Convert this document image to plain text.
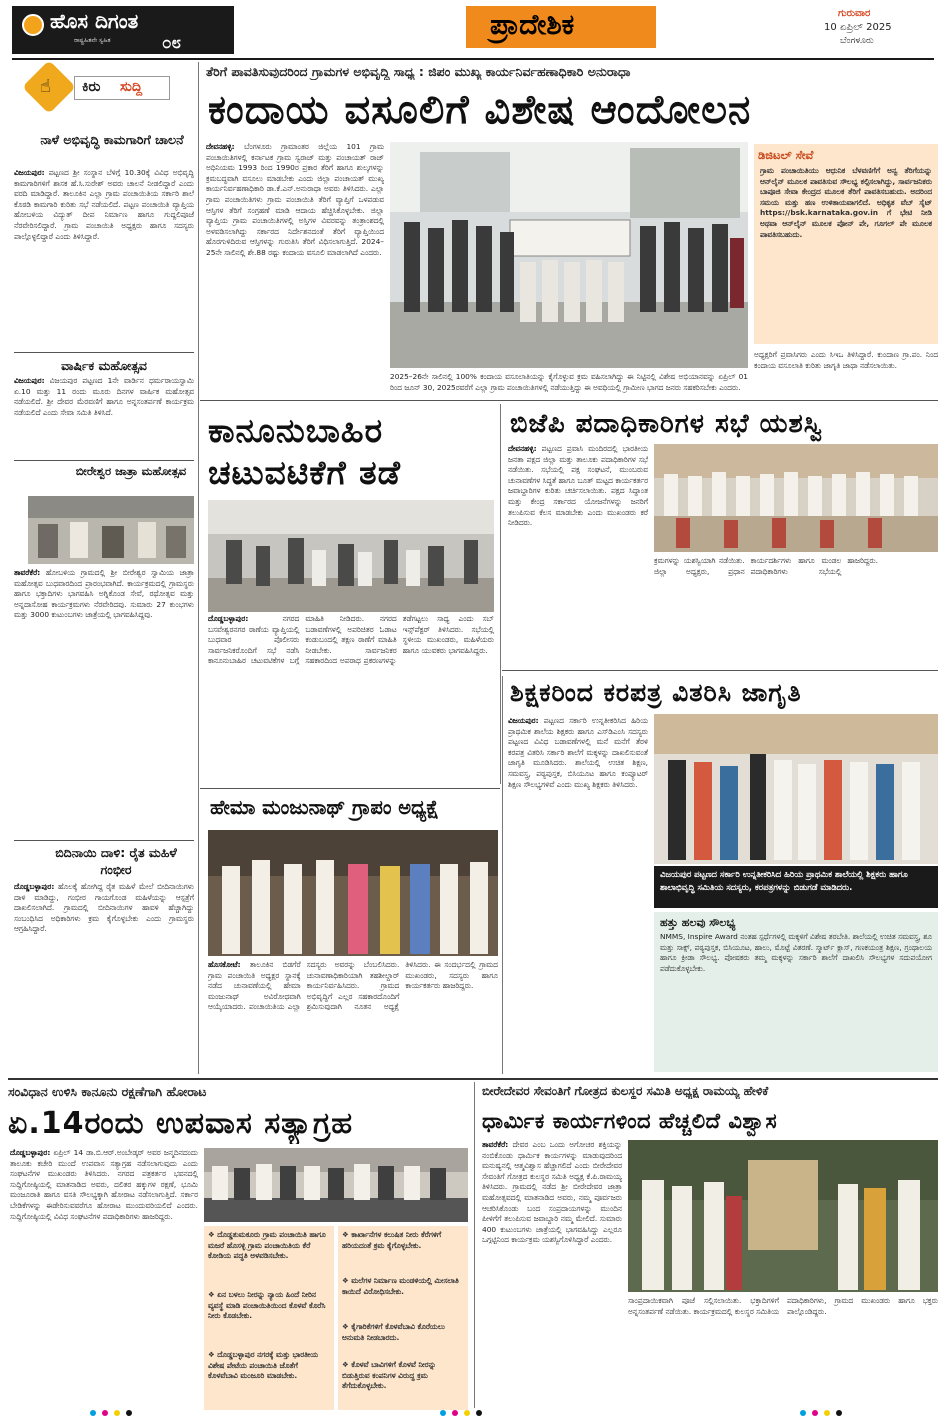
ಹೊಸ ದಿಗಂತ
ರಾಷ್ಟ್ರಹಿತವೇ ಸ್ವಹಿತ	೦೮
ಪ್ರಾದೇಶಿಕ	ಗುರುವಾರ
10 ಏಪ್ರಿಲ್ 2025
ಬೆಂಗಳೂರು
☝ ಕಿರು ಸುದ್ದಿ
ನಾಳೆ ಅಭಿವೃದ್ಧಿ ಕಾಮಗಾರಿಗೆ ಚಾಲನೆ
ವಿಜಯಪುರ: ಪಟ್ಟಣದ ಶ್ರೀ ಸಂಸ್ಥಾನ ಬೆಳಿಗ್ಗೆ 10.30ಕ್ಕೆ ವಿವಿಧ ಅಭಿವೃದ್ಧಿ ಕಾಮಗಾರಿಗಳಿಗೆ ಶಾಸಕ ಹೆ.ಸಿ.ಸುರೇಶ್ ಅವರು ಚಾಲನೆ ನೀಡಲಿದ್ದಾರೆ ಎಂದು ವರದಿ ಮಾಡಿದ್ದಾರೆ. ತಾಲೂಕಿನ ಎಲ್ಲಾ ಗ್ರಾಮ ಪಂಚಾಯಿತಿಯ ಸರ್ಕಾರಿ ಶಾಲೆ ಕೊಠಡಿ ಕಾಮಗಾರಿ ಕುರಿತು ಸಭೆ ನಡೆಯಲಿದೆ. ಪಟ್ಟಣ ಪಂಚಾಯಿತಿ ವ್ಯಾಪ್ತಿಯ ಹೋಬಳಿಯ ವಿದ್ಯುತ್ ದೀಪ ನಿರ್ಮಾಣ ಹಾಗೂ ಗುದ್ದಲಿಪೂಜೆ ನೆರವೇರಿಸಲಿದ್ದಾರೆ. ಗ್ರಾಮ ಪಂಚಾಯಿತಿ ಅಧ್ಯಕ್ಷರು ಹಾಗೂ ಸದಸ್ಯರು ಪಾಲ್ಗೊಳ್ಳಲಿದ್ದಾರೆ ಎಂದು ತಿಳಿಸಿದ್ದಾರೆ.
ವಾರ್ಷಿಕ ಮಹೋತ್ಸವ
ವಿಜಯಪುರ: ವಿಜಯಪುರ ಪಟ್ಟಣದ 1ನೇ ವಾರ್ಡಿನ ಧರ್ಮರಾಯಸ್ವಾಮಿ ಏ.10 ಮತ್ತು 11 ರಂದು ಮೂರು ದಿನಗಳ ವಾರ್ಷಿಕ ಮಹೋತ್ಸವ ನಡೆಯಲಿದೆ. ಶ್ರೀ ದೇವರ ಮೆರವಣಿಗೆ ಹಾಗೂ ಅನ್ನಸಂತರ್ಪಣೆ ಕಾರ್ಯಕ್ರಮ ನಡೆಯಲಿದೆ ಎಂದು ಸೇವಾ ಸಮಿತಿ ತಿಳಿಸಿದೆ.
ಬೀರೇಶ್ವರ ಜಾತ್ರಾ ಮಹೋತ್ಸವ
ತಾವರೆಕೆರೆ: ಹೋಬಳಿಯ ಗ್ರಾಮದಲ್ಲಿ ಶ್ರೀ ಬೀರೇಶ್ವರ ಸ್ವಾಮಿಯ ಜಾತ್ರಾ ಮಹೋತ್ಸವ ಬುಧವಾರದಿಂದ ಪ್ರಾರಂಭವಾಗಿದೆ. ಕಾರ್ಯಕ್ರಮದಲ್ಲಿ ಗ್ರಾಮಸ್ಥರು ಹಾಗೂ ಭಕ್ತಾದಿಗಳು ಭಾಗವಹಿಸಿ ಅಗ್ನಿಕೊಂಡ ಸೇವೆ, ರಥೋತ್ಸವ ಮತ್ತು ಅನ್ನದಾಸೋಹ ಕಾರ್ಯಕ್ರಮಗಳು ನೆರವೇರಿದವು. ಸುಮಾರು 27 ಕುಂಭಗಳು ಮತ್ತು 3000 ಕುಟುಂಬಗಳು ಜಾತ್ರೆಯಲ್ಲಿ ಭಾಗವಹಿಸಿದ್ದವು.
ಬಿದಿನಾಯಿ ದಾಳಿ: ರೈತ ಮಹಿಳೆ ಗಂಭೀರ
ದೊಡ್ಡಬಳ್ಳಾಪುರ: ಹೊಲಕ್ಕೆ ಹೋಗಿದ್ದ ರೈತ ಮಹಿಳೆ ಮೇಲೆ ಬೀದಿನಾಯಿಗಳು ದಾಳಿ ಮಾಡಿದ್ದು, ಗಂಭೀರ ಗಾಯಗೊಂಡ ಮಹಿಳೆಯನ್ನು ಆಸ್ಪತ್ರೆಗೆ ದಾಖಲಿಸಲಾಗಿದೆ. ಗ್ರಾಮದಲ್ಲಿ ಬೀದಿನಾಯಿಗಳ ಹಾವಳಿ ಹೆಚ್ಚಾಗಿದ್ದು ಸಂಬಂಧಿಸಿದ ಅಧಿಕಾರಿಗಳು ಕ್ರಮ ಕೈಗೊಳ್ಳಬೇಕು ಎಂದು ಗ್ರಾಮಸ್ಥರು ಆಗ್ರಹಿಸಿದ್ದಾರೆ.
ತೆರಿಗೆ ಪಾವತಿಸುವುದರಿಂದ ಗ್ರಾಮಗಳ ಅಭಿವೃದ್ಧಿ ಸಾಧ್ಯ : ಜಿಪಂ ಮುಖ್ಯ ಕಾರ್ಯನಿರ್ವಹಣಾಧಿಕಾರಿ ಅನುರಾಧಾ
ಕಂದಾಯ ವಸೂಲಿಗೆ ವಿಶೇಷ ಆಂದೋಲನ
ದೇವನಹಳ್ಳಿ: ಬೆಂಗಳೂರು ಗ್ರಾಮಾಂತರ ಜಿಲ್ಲೆಯ 101 ಗ್ರಾಮ ಪಂಚಾಯಿತಿಗಳಲ್ಲಿ ಕರ್ನಾಟಕ ಗ್ರಾಮ ಸ್ವರಾಜ್ ಮತ್ತು ಪಂಚಾಯತ್ ರಾಜ್ ಅಧಿನಿಯಮ 1993 ರಿಂದ 1990ರ ಪ್ರಕಾರ ತೆರಿಗೆ ಹಾಗೂ ಶುಲ್ಕಗಳನ್ನು ಕ್ರಮಬದ್ಧವಾಗಿ ವಸೂಲು ಮಾಡಬೇಕು ಎಂದು ಜಿಲ್ಲಾ ಪಂಚಾಯತ್ ಮುಖ್ಯ ಕಾರ್ಯನಿರ್ವಹಣಾಧಿಕಾರಿ ಡಾ.ಕೆ.ಎನ್.ಅನುರಾಧಾ ಅವರು ತಿಳಿಸಿದರು. ಎಲ್ಲಾ ಗ್ರಾಮ ಪಂಚಾಯಿತಿಗಳು ಗ್ರಾಮ ಪಂಚಾಯಿತಿ ತೆರಿಗೆ ವ್ಯಾಪ್ತಿಗೆ ಒಳಪಡುವ ಆಸ್ತಿಗಳ ತೆರಿಗೆ ಸಂಗ್ರಹಣೆ ಮಾಡಿ ಆದಾಯ ಹೆಚ್ಚಿಸಿಕೊಳ್ಳಬೇಕು. ಜಿಲ್ಲಾ ವ್ಯಾಪ್ತಿಯ ಗ್ರಾಮ ಪಂಚಾಯಿತಿಗಳಲ್ಲಿ ಅಸ್ತಿಗಳ ವಿವರವನ್ನು ತಂತ್ರಾಂಶದಲ್ಲಿ ಅಳವಡಿಸಲಾಗಿದ್ದು ಸರ್ಕಾರದ ನಿರ್ದೇಶನದಂತೆ ತೆರಿಗೆ ವ್ಯಾಪ್ತಿಯಿಂದ ಹೊರಗುಳಿದಿರುವ ಆಸ್ತಿಗಳನ್ನು ಗುರುತಿಸಿ ತೆರಿಗೆ ವಿಧಿಸಲಾಗುತ್ತಿದೆ. 2024–25ನೇ ಸಾಲಿನಲ್ಲಿ ಶೇ.88 ರಷ್ಟು ಕಂದಾಯ ವಸೂಲಿ ಮಾಡಲಾಗಿದೆ ಎಂದರು.
2025–26ನೇ ಸಾಲಿನಲ್ಲಿ 100% ಕಂದಾಯ ವಸೂಲಾತಿಯನ್ನು ಕೈಗೊಳ್ಳುವ ಕ್ರಮ ವಹಿಸಲಾಗಿದ್ದು ಈ ನಿಟ್ಟಿನಲ್ಲಿ ವಿಶೇಷ ಅಭಿಯಾನವನ್ನು ಏಪ್ರಿಲ್ 01 ರಿಂದ ಜೂನ್ 30, 2025ರವರೆಗೆ ಎಲ್ಲಾ ಗ್ರಾಮ ಪಂಚಾಯಿತಿಗಳಲ್ಲಿ ನಡೆಯುತ್ತಿದ್ದು ಈ ಅವಧಿಯಲ್ಲಿ ಗ್ರಾಮೀಣ ಭಾಗದ ಜನರು ಸಹಕರಿಸಬೇಕು ಎಂದರು.
ಡಿಜಿಟಲ್ ಸೇವೆ
ಗ್ರಾಮ ಪಂಚಾಯಿತಿಯು ಆಧುನಿಕ ಬೆಳವಣಿಗೆಗೆ ಅನ್ವ ತೆರಿಗೆಯನ್ನು ಆನ್‌ಲೈನ್ ಮೂಲಕ ಪಾವತಿಸುವ ಸೌಲಭ್ಯ ಕಲ್ಪಿಸಲಾಗಿದ್ದು, ಸಾರ್ವಜನಿಕರು ಬಾಪೂಜಿ ಸೇವಾ ಕೇಂದ್ರದ ಮೂಲಕ ತೆರಿಗೆ ಪಾವತಿಸಬಹುದು. ಅದರಿಂದ ಸಮಯ ಮತ್ತು ಹಣ ಉಳಿತಾಯವಾಗಲಿದೆ. ಅಧಿಕೃತ ವೆಬ್ ಸೈಟ್ https://bsk.karnataka.gov.in ಗೆ ಭೇಟಿ ನೀಡಿ ಅಥವಾ ಆನ್‌ಲೈನ್ ಮೂಲಕ ಪೋನ್ ಪೇ, ಗೂಗಲ್ ಪೇ ಮೂಲಕ ಪಾವತಿಸಬಹುದು.
ಅಧ್ಯಕ್ಷರಿಗೆ ಪ್ರವಾಸಿಗರು ಎಂದು ಸಿಇಒ ತಿಳಿಸಿದ್ದಾರೆ. ಕುಂದಾಣ ಗ್ರಾ.ಪಂ. ನಿಂದ ಕಂದಾಯ ವಸೂಲಾತಿ ಕುರಿತು ಜಾಗೃತಿ ಜಾಥಾ ನಡೆಸಲಾಯಿತು.
ಕಾನೂನುಬಾಹಿರ
ಚಟುವಟಿಕೆಗೆ ತಡೆ
ದೊಡ್ಡಬಳ್ಳಾಪುರ:	ನಗರದ ಬಸವೇಶ್ವರನಗರ ಠಾಣೆಯ ವ್ಯಾಪ್ತಿಯಲ್ಲಿ ಬುಧವಾರ ಪೊಲೀಸರು ಸಾರ್ವಜನಿಕರೊಂದಿಗೆ ಸಭೆ ನಡೆಸಿ ಕಾನೂನುಬಾಹಿರ ಚಟುವಟಿಕೆಗಳ ಬಗ್ಗೆ ಮಾಹಿತಿ ನೀಡಿದರು. ನಗರದ ಬಡಾವಣೆಗಳಲ್ಲಿ ಅಪರಿಚಿತರ ಓಡಾಟ ಕಂಡುಬಂದಲ್ಲಿ ತಕ್ಷಣ ಠಾಣೆಗೆ ಮಾಹಿತಿ ನೀಡಬೇಕು. ಸಾರ್ವಜನಿಕರ ಸಹಕಾರದಿಂದ ಅಪರಾಧ ಪ್ರಕರಣಗಳನ್ನು ತಡೆಗಟ್ಟಲು ಸಾಧ್ಯ ಎಂದು ಸಬ್ ಇನ್ಸ್‌ಪೆಕ್ಟರ್ ತಿಳಿಸಿದರು. ಸಭೆಯಲ್ಲಿ ಸ್ಥಳೀಯ ಮುಖಂಡರು, ಮಹಿಳೆಯರು ಹಾಗೂ ಯುವಕರು ಭಾಗವಹಿಸಿದ್ದರು.
ಬಿಜೆಪಿ ಪದಾಧಿಕಾರಿಗಳ ಸಭೆ ಯಶಸ್ವಿ
ದೇವನಹಳ್ಳಿ: ಪಟ್ಟಣದ ಪ್ರವಾಸಿ ಮಂದಿರದಲ್ಲಿ ಭಾರತೀಯ ಜನತಾ ಪಕ್ಷದ ಜಿಲ್ಲಾ ಮತ್ತು ತಾಲೂಕು ಪದಾಧಿಕಾರಿಗಳ ಸಭೆ ನಡೆಯಿತು. ಸಭೆಯಲ್ಲಿ ಪಕ್ಷ ಸಂಘಟನೆ, ಮುಂಬರುವ ಚುನಾವಣೆಗಳ ಸಿದ್ಧತೆ ಹಾಗೂ ಬೂತ್ ಮಟ್ಟದ ಕಾರ್ಯಕರ್ತರ ಜವಾಬ್ದಾರಿಗಳ ಕುರಿತು ಚರ್ಚಿಸಲಾಯಿತು. ಪಕ್ಷದ ಸಿದ್ಧಾಂತ ಮತ್ತು ಕೇಂದ್ರ ಸರ್ಕಾರದ ಯೋಜನೆಗಳನ್ನು ಜನರಿಗೆ ತಲುಪಿಸುವ ಕೆಲಸ ಮಾಡಬೇಕು ಎಂದು ಮುಖಂಡರು ಕರೆ ನೀಡಿದರು.
ಕ್ರಮಗಳನ್ನು ಯಶಸ್ವಿಯಾಗಿ ನಡೆಯಿತು. ಜಿಲ್ಲಾ ಅಧ್ಯಕ್ಷರು, ಪ್ರಧಾನ ಕಾರ್ಯದರ್ಶಿಗಳು ಹಾಗೂ ಮಂಡಲ ಪದಾಧಿಕಾರಿಗಳು ಸಭೆಯಲ್ಲಿ ಹಾಜರಿದ್ದರು.
ಶಿಕ್ಷಕರಿಂದ ಕರಪತ್ರ ವಿತರಿಸಿ ಜಾಗೃತಿ
ವಿಜಯಪುರ: ಪಟ್ಟಣದ ಸರ್ಕಾರಿ ಉನ್ನತೀಕರಿಸಿದ ಹಿರಿಯ ಪ್ರಾಥಮಿಕ ಶಾಲೆಯ ಶಿಕ್ಷಕರು ಹಾಗೂ ಎಸ್‌ಡಿಎಂಸಿ ಸದಸ್ಯರು ಪಟ್ಟಣದ ವಿವಿಧ ಬಡಾವಣೆಗಳಲ್ಲಿ ಮನೆ ಮನೆಗೆ ತೆರಳಿ ಕರಪತ್ರ ವಿತರಿಸಿ ಸರ್ಕಾರಿ ಶಾಲೆಗೆ ಮಕ್ಕಳನ್ನು ದಾಖಲಿಸುವಂತೆ ಜಾಗೃತಿ ಮೂಡಿಸಿದರು. ಶಾಲೆಯಲ್ಲಿ ಉಚಿತ ಶಿಕ್ಷಣ, ಸಮವಸ್ತ್ರ, ಪಠ್ಯಪುಸ್ತಕ, ಬಿಸಿಯೂಟ ಹಾಗೂ ಕಂಪ್ಯೂಟರ್ ಶಿಕ್ಷಣ ಸೌಲಭ್ಯಗಳಿವೆ ಎಂದು ಮುಖ್ಯ ಶಿಕ್ಷಕರು ತಿಳಿಸಿದರು.
ವಿಜಯಪುರ ಪಟ್ಟಣದ ಸರ್ಕಾರಿ ಉನ್ನತೀಕರಿಸಿದ ಹಿರಿಯ ಪ್ರಾಥಮಿಕ ಶಾಲೆಯಲ್ಲಿ ಶಿಕ್ಷಕರು ಹಾಗೂ ಶಾಲಾಭಿವೃದ್ಧಿ ಸಮಿತಿಯ ಸದಸ್ಯರು, ಕರಪತ್ರಗಳನ್ನು ಬಿಡುಗಡೆ ಮಾಡಿದರು.
ಹತ್ತು ಹಲವು ಸೌಲಭ್ಯ
NMMS, Inspire Award ನಂತಹ ಸ್ಪರ್ಧೆಗಳಲ್ಲಿ ಮಕ್ಕಳಿಗೆ ವಿಶೇಷ ತರಬೇತಿ. ಶಾಲೆಯಲ್ಲಿ ಉಚಿತ ಸಮವಸ್ತ್ರ, ಶೂ ಮತ್ತು ಸಾಕ್ಸ್, ಪಠ್ಯಪುಸ್ತಕ, ಬಿಸಿಯೂಟ, ಹಾಲು, ಮೊಟ್ಟೆ ವಿತರಣೆ. ಸ್ಮಾರ್ಟ್ ಕ್ಲಾಸ್, ಗಣಕಯಂತ್ರ ಶಿಕ್ಷಣ, ಗ್ರಂಥಾಲಯ ಹಾಗೂ ಕ್ರೀಡಾ ಸೌಲಭ್ಯ. ಪೋಷಕರು ತಮ್ಮ ಮಕ್ಕಳನ್ನು ಸರ್ಕಾರಿ ಶಾಲೆಗೆ ದಾಖಲಿಸಿ ಸೌಲಭ್ಯಗಳ ಸದುಪಯೋಗ ಪಡೆದುಕೊಳ್ಳಬೇಕು.
ಹೇಮಾ ಮಂಜುನಾಥ್ ಗ್ರಾಪಂ ಅಧ್ಯಕ್ಷೆ
ಹೊಸಕೋಟೆ: ತಾಲೂಕಿನ ಬಿಡಗೆರೆ ಗ್ರಾಮ ಪಂಚಾಯಿತಿ ಅಧ್ಯಕ್ಷರ ಸ್ಥಾನಕ್ಕೆ ನಡೆದ ಚುನಾವಣೆಯಲ್ಲಿ ಹೇಮಾ ಮಂಜುನಾಥ್ ಅವಿರೋಧವಾಗಿ ಆಯ್ಕೆಯಾದರು. ಪಂಚಾಯಿತಿಯ ಎಲ್ಲಾ ಸದಸ್ಯರು ಅವರನ್ನು ಬೆಂಬಲಿಸಿದರು. ಚುನಾವಣಾಧಿಕಾರಿಯಾಗಿ ತಹಶೀಲ್ದಾರ್ ಕಾರ್ಯನಿರ್ವಹಿಸಿದರು. ಗ್ರಾಮದ ಅಭಿವೃದ್ಧಿಗೆ ಎಲ್ಲರ ಸಹಕಾರದೊಂದಿಗೆ ಶ್ರಮಿಸುವುದಾಗಿ ನೂತನ ಅಧ್ಯಕ್ಷೆ ತಿಳಿಸಿದರು. ಈ ಸಂದರ್ಭದಲ್ಲಿ ಗ್ರಾಮದ ಮುಖಂಡರು, ಸದಸ್ಯರು ಹಾಗೂ ಕಾರ್ಯಕರ್ತರು ಹಾಜರಿದ್ದರು.
ಸಂವಿಧಾನ ಉಳಿಸಿ ಕಾನೂನು ರಕ್ಷಣೆಗಾಗಿ ಹೋರಾಟ
ಏ.14ರಂದು ಉಪವಾಸ ಸತ್ಯಾಗ್ರಹ
ದೊಡ್ಡಬಳ್ಳಾಪುರ: ಏಪ್ರಿಲ್ 14 ಡಾ.ಬಿ.ಆರ್.ಅಂಬೇಡ್ಕರ್ ಅವರ ಜನ್ಮದಿನದಂದು ತಾಲೂಕು ಕಚೇರಿ ಮುಂದೆ ಉಪವಾಸ ಸತ್ಯಾಗ್ರಹ ನಡೆಸಲಾಗುವುದು ಎಂದು ಸಂಘಟನೆಗಳ ಮುಖಂಡರು ತಿಳಿಸಿದರು. ನಗರದ ಪತ್ರಕರ್ತರ ಭವನದಲ್ಲಿ ಸುದ್ದಿಗೋಷ್ಠಿಯಲ್ಲಿ ಮಾತನಾಡಿದ ಅವರು, ದಲಿತರ ಹಕ್ಕುಗಳ ರಕ್ಷಣೆ, ಭೂಮಿ ಮಂಜೂರಾತಿ ಹಾಗೂ ವಸತಿ ಸೌಲಭ್ಯಕ್ಕಾಗಿ ಹೋರಾಟ ನಡೆಸಲಾಗುತ್ತಿದೆ. ಸರ್ಕಾರ ಬೇಡಿಕೆಗಳನ್ನು ಈಡೇರಿಸುವವರೆಗೂ ಹೋರಾಟ ಮುಂದುವರಿಯಲಿದೆ ಎಂದರು. ಸುದ್ದಿಗೋಷ್ಠಿಯಲ್ಲಿ ವಿವಿಧ ಸಂಘಟನೆಗಳ ಪದಾಧಿಕಾರಿಗಳು ಹಾಜರಿದ್ದರು.
❖ ದೊಡ್ಡತುಮಕೂರು ಗ್ರಾಮ ಪಂಚಾಯಿತಿ ಹಾಗೂ ಮಜರೆ ಹೊಸಳ್ಳಿ ಗ್ರಾಮ ಪಂಚಾಯಿತಿಯ ಕೆರೆ ಕೋಡಿಯ ಪದ್ಧತಿ ಅಳವಡಿಸಬೇಕು.
❖ ಏನ ಬಳಲು ನೀರನ್ನು ನ್ಯಾಯ ಹಿಂದೆ ನೀರಿನ ವ್ಯವಸ್ಥೆ ಮಾಡಿ ಪಂಚಾಯಿತಿಯಿಂದ ಕೊಳವೆ ಕೊರೆಸಿ ನೀರು ಕೊಡಬೇಕು.
❖ ದೊಡ್ಡಬಳ್ಳಾಪುರ ನಗರಕ್ಕೆ ಮತ್ತು ಭಾರತೀಯ ವಿಶೇಷ ಪೇಟೆಯ ಪಂಚಾಯಿತಿ ಜೊತೆಗೆ ಕೊಳವೆಬಾವಿ ಮಂಜೂರಿ ಮಾಡಬೇಕು.
❖ ಕಾರ್ಖಾನೆಗಳ ಕಲುಷಿತ ನೀರು ಕೆರೆಗಳಿಗೆ ಹರಿಯದಂತೆ ಕ್ರಮ ಕೈಗೊಳ್ಳಬೇಕು.
❖ ಮಲೆಗಳ ನಿರ್ಮಾಣ ಮಂಡಳಿಯಲ್ಲಿ ಮೀಸಲಾತಿ ಕಾಯಿದೆ ವಿರೋಧಿಸಬೇಕು.
❖ ಕೈಗಾರಿಕೆಗಳಿಗೆ ಕೊಳವೆಬಾವಿ ಕೊರೆಯಲು ಅನುಮತಿ ನೀಡಬಾರದು.
❖ ಕೊಳವೆ ಬಾವಿಗಳಿಗೆ ಕೊಳವೆ ನೀರನ್ನು ಬಿಡುತ್ತಿರುವ ಕಂಪನಿಗಳ ವಿರುದ್ಧ ಕ್ರಮ ತೆಗೆದುಕೊಳ್ಳಬೇಕು.
ಬೀರೇದೇವರ ಸೇವಂತಿಗೆ ಗೋತ್ರದ ಕುಲಸ್ಥರ ಸಮಿತಿ ಅಧ್ಯಕ್ಷ ರಾಮಯ್ಯ ಹೇಳಿಕೆ
ಧಾರ್ಮಿಕ ಕಾರ್ಯಗಳಿಂದ ಹೆಚ್ಚಲಿದೆ ವಿಶ್ವಾಸ
ತಾವರೆಕೆರೆ: ದೇವರ ಎಂಬ ಒಂದು ಅಗೋಚರ ಶಕ್ತಿಯನ್ನು ನಂಬಿಕೊಂಡು ಧಾರ್ಮಿಕ ಕಾರ್ಯಗಳನ್ನು ಮಾಡುವುದರಿಂದ ಮನುಷ್ಯನಲ್ಲಿ ಆತ್ಮವಿಶ್ವಾಸ ಹೆಚ್ಚಾಗಲಿದೆ ಎಂದು ಬೀರೇದೇವರ ಸೇವಂತಿಗೆ ಗೋತ್ರದ ಕುಲಸ್ಥರ ಸಮಿತಿ ಅಧ್ಯಕ್ಷ ಕೆ.ಪಿ.ರಾಮಯ್ಯ ತಿಳಿಸಿದರು. ಗ್ರಾಮದಲ್ಲಿ ನಡೆದ ಶ್ರೀ ಬೀರೇದೇವರ ಜಾತ್ರಾ ಮಹೋತ್ಸವದಲ್ಲಿ ಮಾತನಾಡಿದ ಅವರು, ನಮ್ಮ ಪೂರ್ವಜರು ಆಚರಿಸಿಕೊಂಡು ಬಂದ ಸಂಪ್ರದಾಯಗಳನ್ನು ಮುಂದಿನ ಪೀಳಿಗೆಗೆ ತಲುಪಿಸುವ ಜವಾಬ್ದಾರಿ ನಮ್ಮ ಮೇಲಿದೆ. ಸುಮಾರು 400 ಕುಟುಂಬಗಳು ಜಾತ್ರೆಯಲ್ಲಿ ಭಾಗವಹಿಸಿದ್ದು ಎಲ್ಲರೂ ಒಗ್ಗಟ್ಟಿನಿಂದ ಕಾರ್ಯಕ್ರಮ ಯಶಸ್ವಿಗೊಳಿಸಿದ್ದಾರೆ ಎಂದರು.
ಸಾಂಪ್ರದಾಯಿಕವಾಗಿ ಪೂಜೆ ಸಲ್ಲಿಸಲಾಯಿತು. ಭಕ್ತಾದಿಗಳಿಗೆ ಅನ್ನಸಂತರ್ಪಣೆ ನಡೆಯಿತು. ಕಾರ್ಯಕ್ರಮದಲ್ಲಿ ಕುಲಸ್ಥರ ಸಮಿತಿಯ ಪದಾಧಿಕಾರಿಗಳು, ಗ್ರಾಮದ ಮುಖಂಡರು ಹಾಗೂ ಭಕ್ತರು ಪಾಲ್ಗೊಂಡಿದ್ದರು.
